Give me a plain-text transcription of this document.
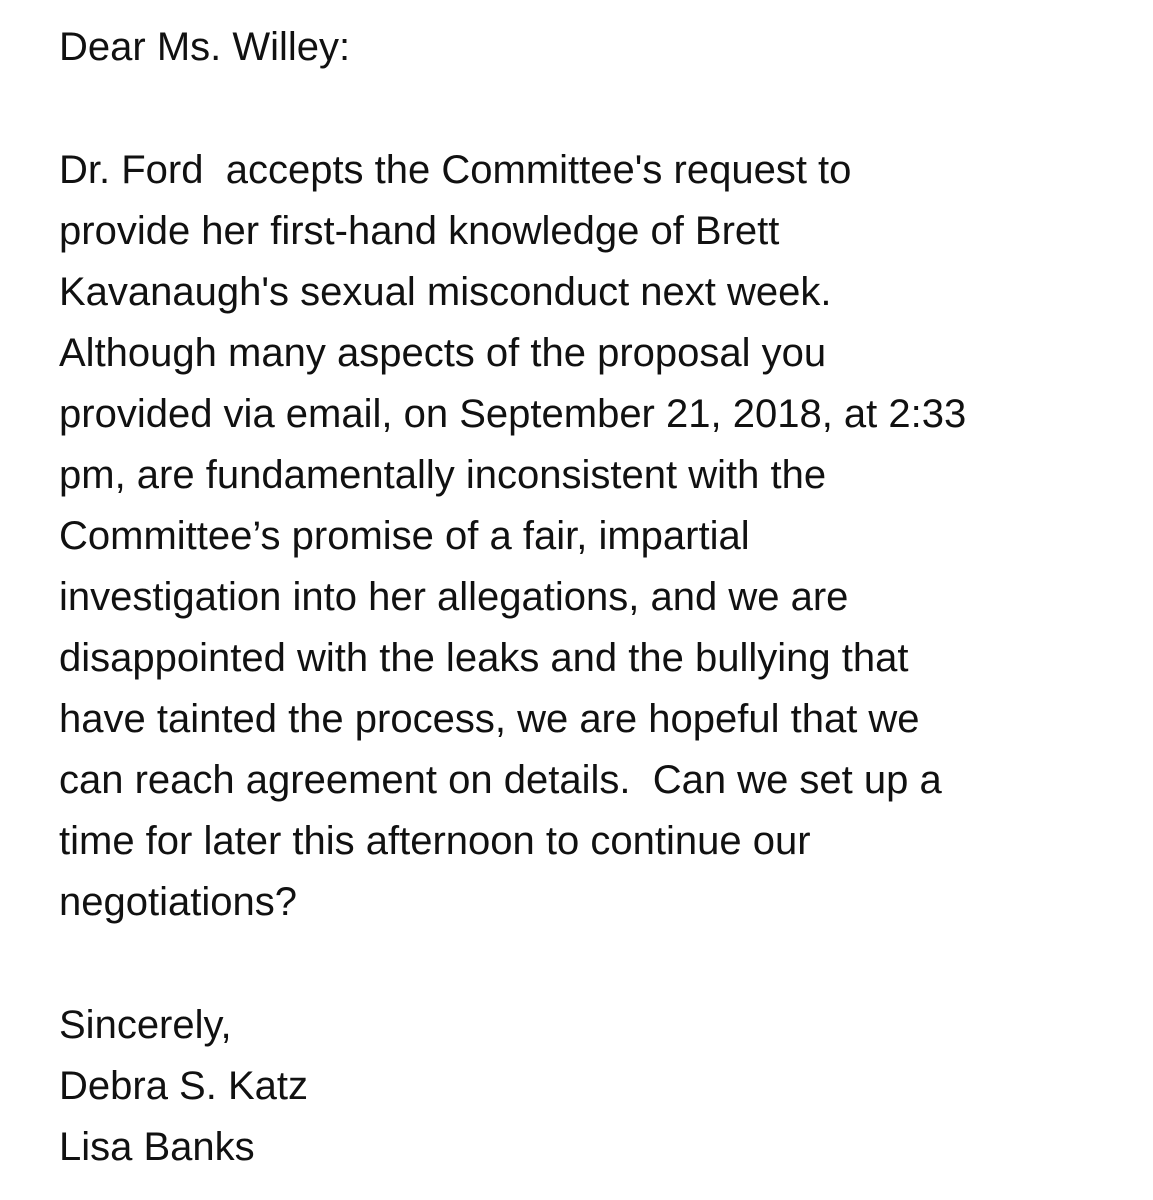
Dear Ms. Willey:
Dr. Ford  accepts the Committee's request to
provide her first-hand knowledge of Brett
Kavanaugh's sexual misconduct next week.
Although many aspects of the proposal you
provided via email, on September 21, 2018, at 2:33
pm, are fundamentally inconsistent with the
Committee’s promise of a fair, impartial
investigation into her allegations, and we are
disappointed with the leaks and the bullying that
have tainted the process, we are hopeful that we
can reach agreement on details.  Can we set up a
time for later this afternoon to continue our
negotiations?
Sincerely,
Debra S. Katz
Lisa Banks
